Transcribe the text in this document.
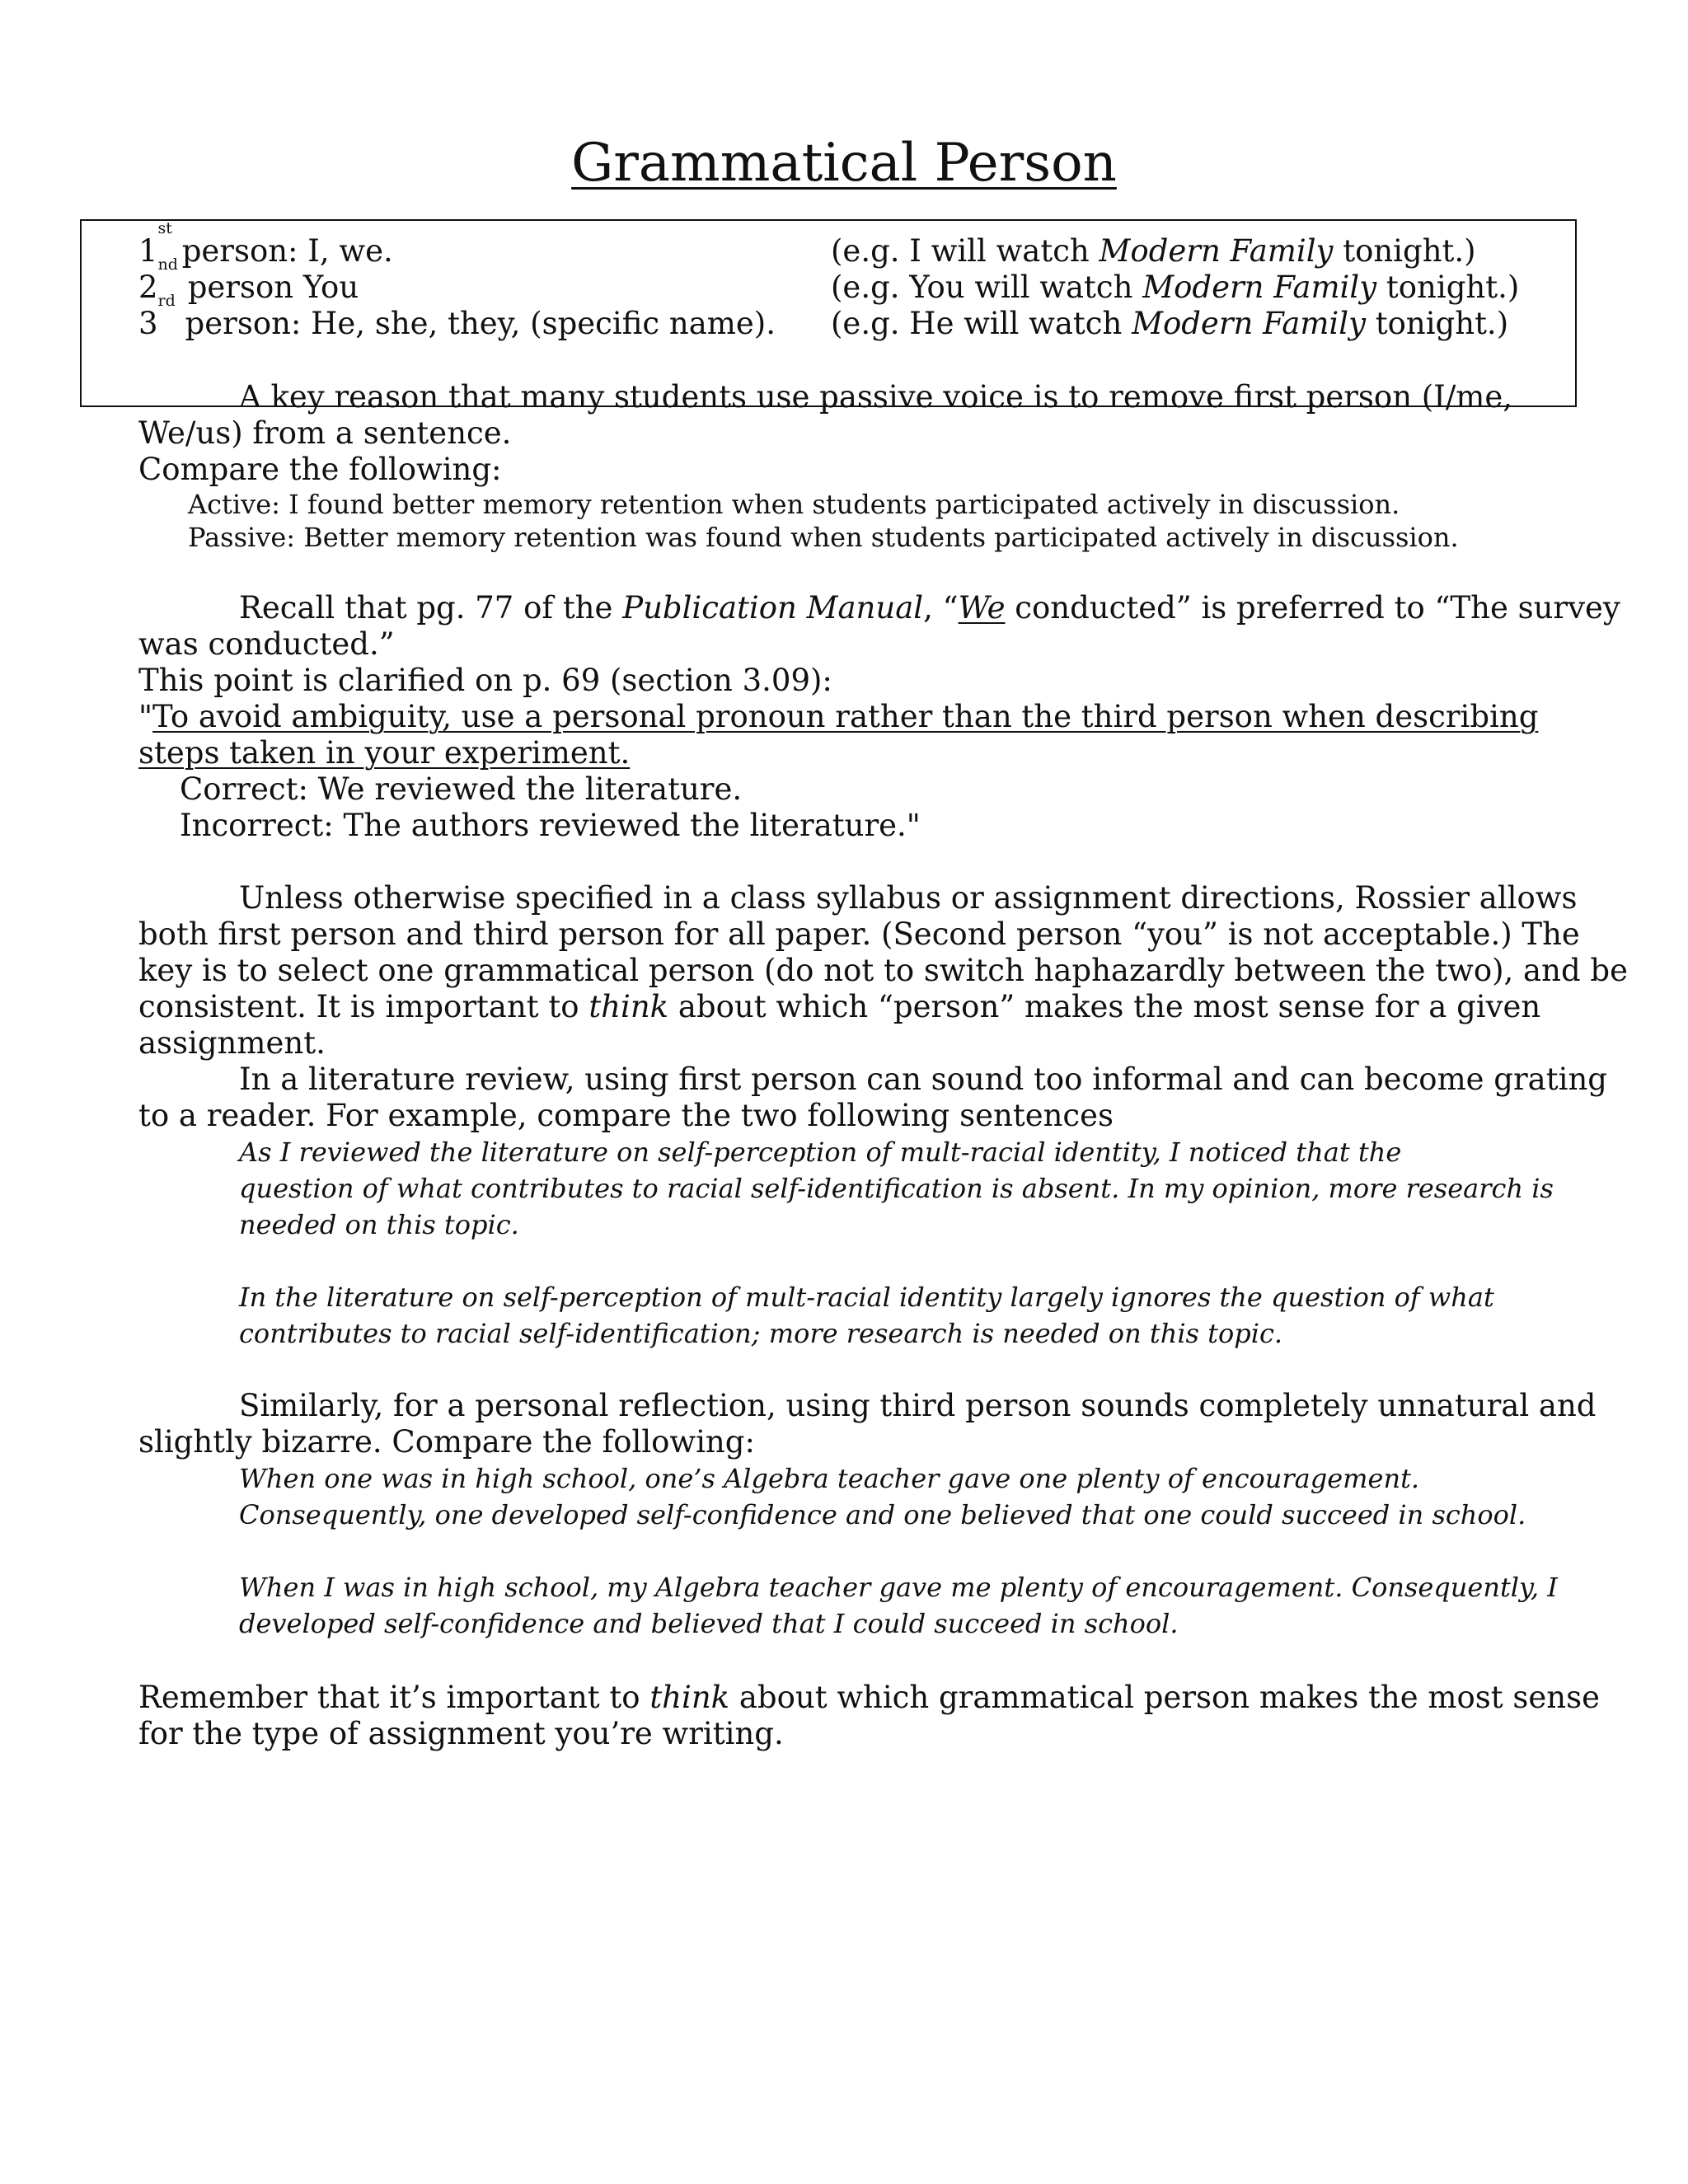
Grammatical Person
1st person: I, we.	(e.g. I will watch Modern Family tonight.)
2nd person You	(e.g. You will watch Modern Family tonight.)
3rd person: He, she, they, (specific name). (e.g. He will watch Modern Family tonight.)
A key reason that many students use passive voice is to remove first person (I/me,
We/us) from a sentence.
Compare the following:
Active: I found better memory retention when students participated actively in discussion.
Passive: Better memory retention was found when students participated actively in discussion.
Recall that pg. 77 of the Publication Manual, “We conducted” is preferred to “The survey
was conducted.”
This point is clarified on p. 69 (section 3.09):
"To avoid ambiguity, use a personal pronoun rather than the third person when describing
steps taken in your experiment.
Correct: We reviewed the literature.
Incorrect: The authors reviewed the literature."
Unless otherwise specified in a class syllabus or assignment directions, Rossier allows
both first person and third person for all paper. (Second person “you” is not acceptable.) The
key is to select one grammatical person (do not to switch haphazardly between the two), and be
consistent. It is important to think about which “person” makes the most sense for a given
assignment.
In a literature review, using first person can sound too informal and can become grating
to a reader. For example, compare the two following sentences
As I reviewed the literature on self-perception of mult-racial identity, I noticed that the
question of what contributes to racial self-identification is absent. In my opinion, more research is
needed on this topic.
In the literature on self-perception of mult-racial identity largely ignores the question of what
contributes to racial self-identification; more research is needed on this topic.
Similarly, for a personal reflection, using third person sounds completely unnatural and
slightly bizarre. Compare the following:
When one was in high school, one’s Algebra teacher gave one plenty of encouragement.
Consequently, one developed self-confidence and one believed that one could succeed in school.
When I was in high school, my Algebra teacher gave me plenty of encouragement. Consequently, I
developed self-confidence and believed that I could succeed in school.
Remember that it’s important to think about which grammatical person makes the most sense
for the type of assignment you’re writing.
